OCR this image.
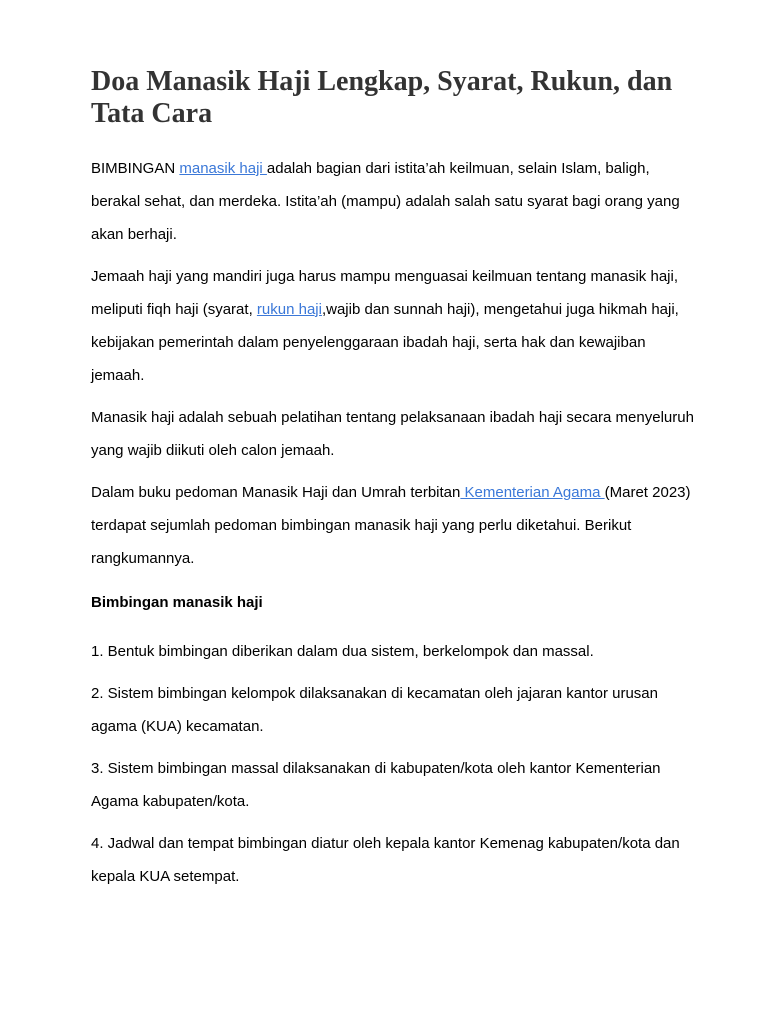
Doa Manasik Haji Lengkap, Syarat, Rukun, dan Tata Cara

BIMBINGAN manasik haji adalah bagian dari istita’ah keilmuan, selain Islam, baligh, berakal sehat, dan merdeka. Istita’ah (mampu) adalah salah satu syarat bagi orang yang akan berhaji.

Jemaah haji yang mandiri juga harus mampu menguasai keilmuan tentang manasik haji, meliputi fiqh haji (syarat, rukun haji,wajib dan sunnah haji), mengetahui juga hikmah haji, kebijakan pemerintah dalam penyelenggaraan ibadah haji, serta hak dan kewajiban jemaah.

Manasik haji adalah sebuah pelatihan tentang pelaksanaan ibadah haji secara menyeluruh yang wajib diikuti oleh calon jemaah.

Dalam buku pedoman Manasik Haji dan Umrah terbitan Kementerian Agama (Maret 2023) terdapat sejumlah pedoman bimbingan manasik haji yang perlu diketahui. Berikut rangkumannya.

Bimbingan manasik haji
1. Bentuk bimbingan diberikan dalam dua sistem, berkelompok dan massal.
2. Sistem bimbingan kelompok dilaksanakan di kecamatan oleh jajaran kantor urusan agama (KUA) kecamatan.
3. Sistem bimbingan massal dilaksanakan di kabupaten/kota oleh kantor Kementerian Agama kabupaten/kota.
4. Jadwal dan tempat bimbingan diatur oleh kepala kantor Kemenag kabupaten/kota dan kepala KUA setempat.
